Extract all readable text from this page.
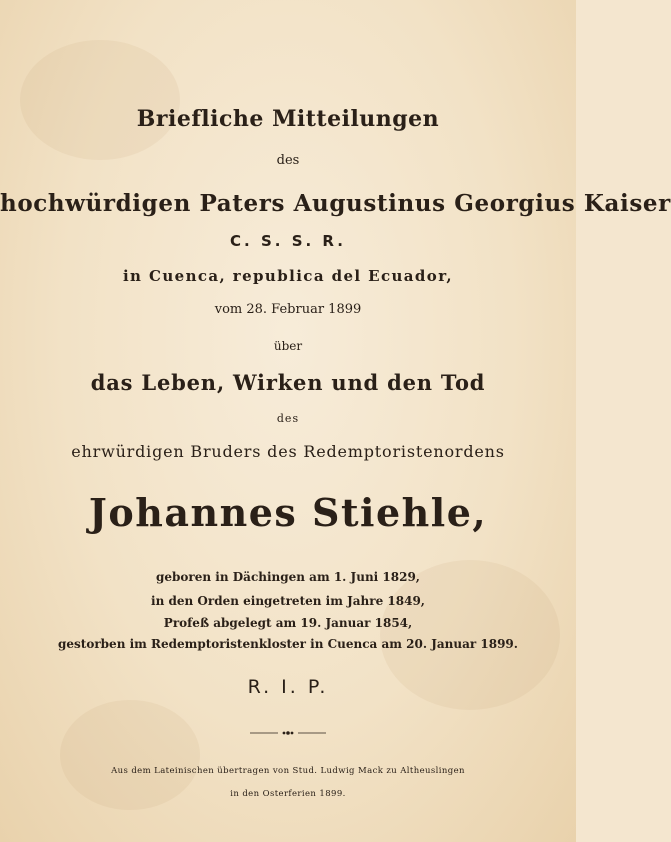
Briefliche Mitteilungen
des
hochwürdigen Paters Augustinus Georgius Kaiser
C. S. S. R.
in Cuenca, republica del Ecuador,
vom 28. Februar 1899
über
das Leben, Wirken und den Tod
des
ehrwürdigen Bruders des Redemptoristenordens
Johannes Stiehle,
geboren in Dächingen am 1. Juni 1829,
in den Orden eingetreten im Jahre 1849,
Profeß abgelegt am 19. Januar 1854,
gestorben im Redemptoristenkloster in Cuenca am 20. Januar 1899.
R. I. P.
Aus dem Lateinischen übertragen von Stud. Ludwig Mack zu Altheuslingen
in den Osterferien 1899.
